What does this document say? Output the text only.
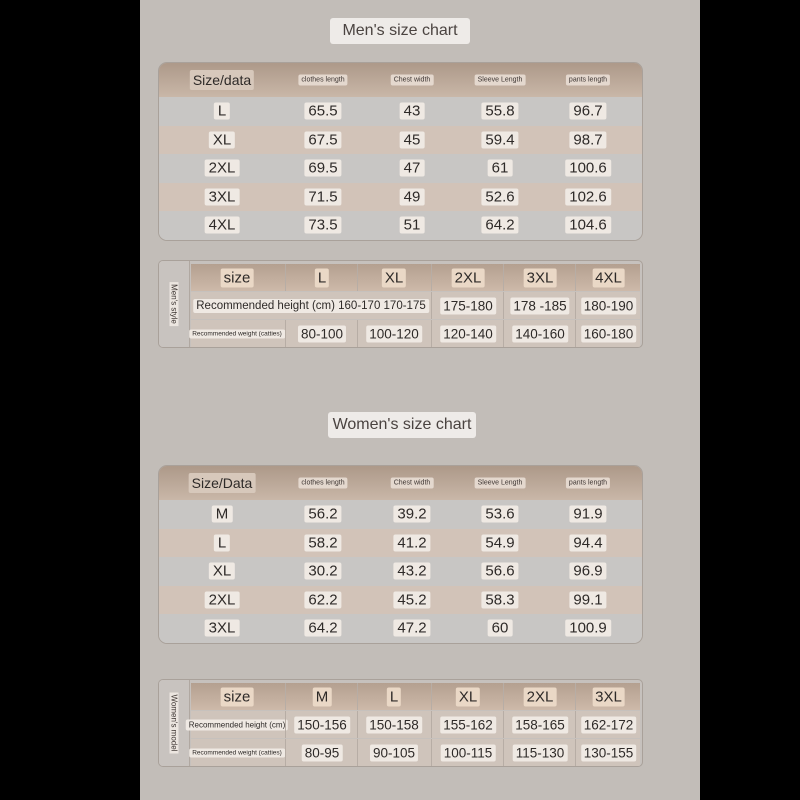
Men's size chart
Size/data	clothes length	Chest width	Sleeve Length	pants length
L	65.5	43	55.8	96.7
XL	67.5	45	59.4	98.7
2XL	69.5	47	61	100.6
3XL	71.5	49	52.6	102.6
4XL	73.5	51	64.2	104.6
Men's style
size	L	XL	2XL	3XL	4XL
Recommended height (cm) 160-170 170-175 175-180 178 -185 180-190
Recommended weight (catties) 80-100 100-120 120-140 140-160 160-180
Women's size chart
Size/Data	clothes length	Chest width	Sleeve Length	pants length
M	56.2	39.2	53.6	91.9
L	58.2	41.2	54.9	94.4
XL	30.2	43.2	56.6	96.9
2XL	62.2	45.2	58.3	99.1
3XL	64.2	47.2	60	100.9
Women's model	size	M	L	XL	2XL	3XL
Recommended height (cm) 150-156 150-158 155-162 158-165 162-172
Recommended weight (catties) 80-95 90-105 100-115 115-130 130-155
